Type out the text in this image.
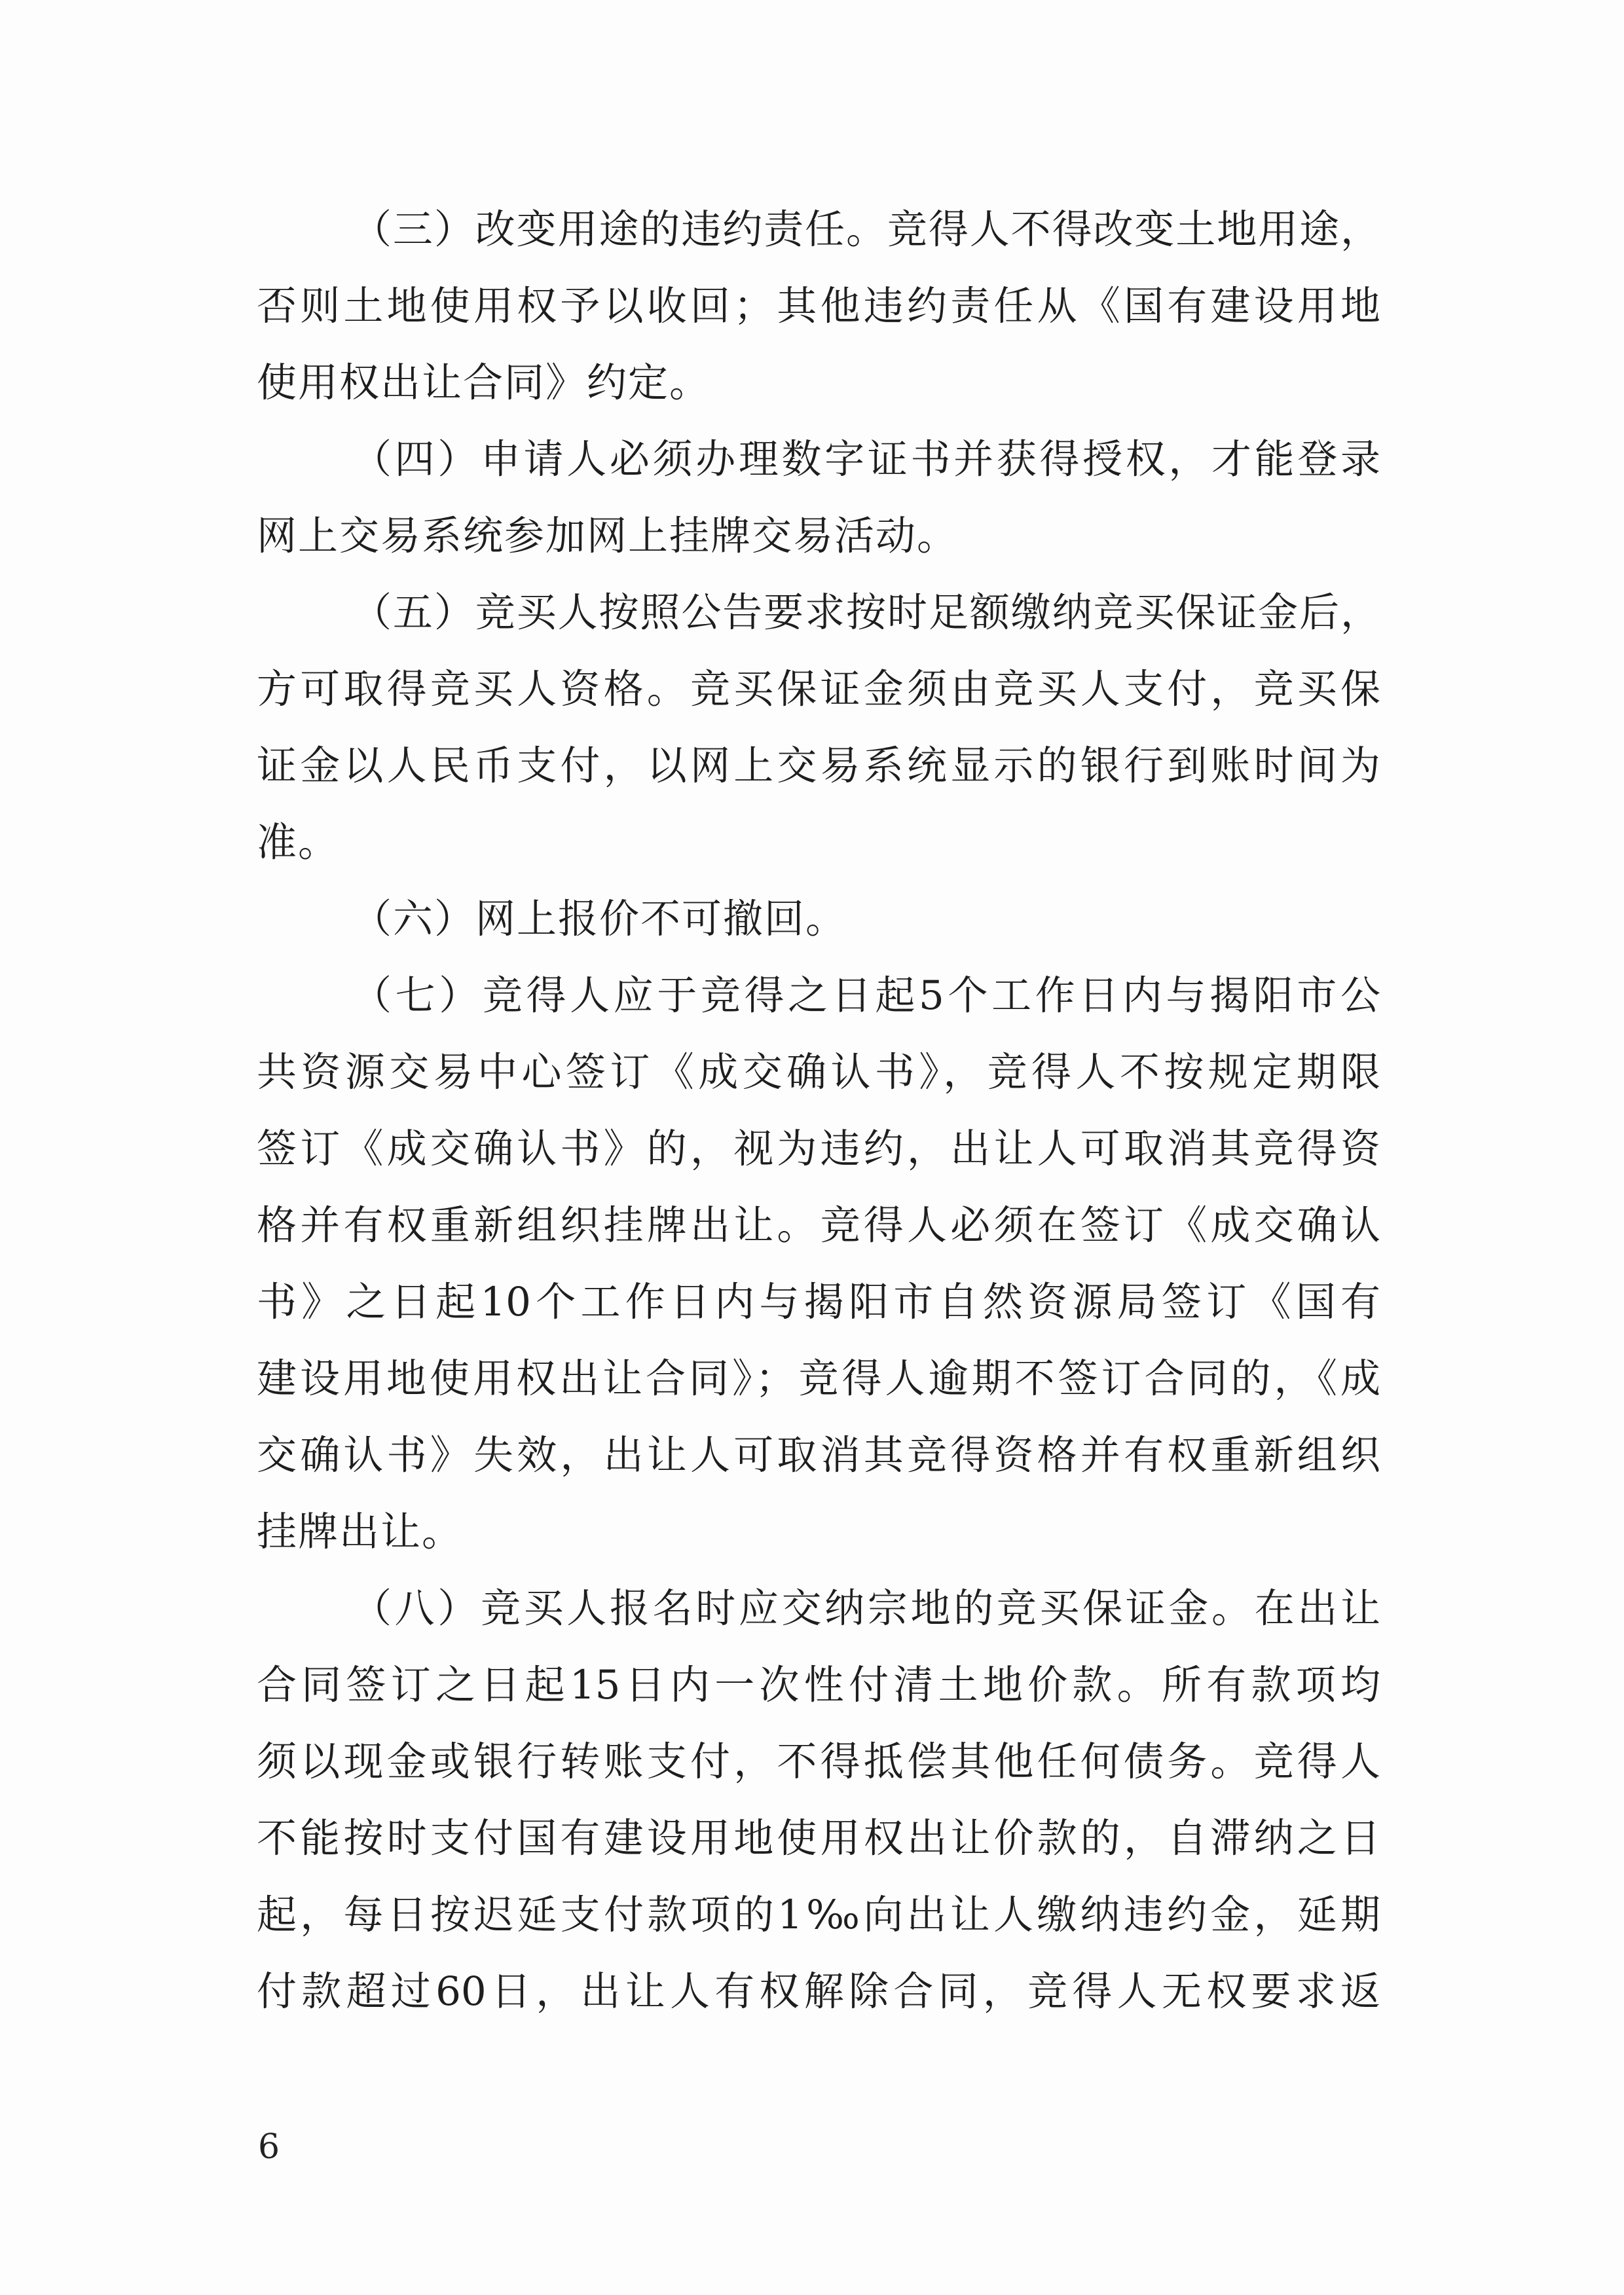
（三）改变用途的违约责任。竞得人不得改变土地用途，
否则土地使用权予以收回；其他违约责任从《国有建设用地
使用权出让合同》约定。
（四）申请人必须办理数字证书并获得授权，才能登录
网上交易系统参加网上挂牌交易活动。
（五）竞买人按照公告要求按时足额缴纳竞买保证金后，
方可取得竞买人资格。竞买保证金须由竞买人支付，竞买保
证金以人民币支付，以网上交易系统显示的银行到账时间为
准。
（六）网上报价不可撤回。
（七）竞得人应于竞得之日起5个工作日内与揭阳市公
共资源交易中心签订《成交确认书》，竞得人不按规定期限
签订《成交确认书》的，视为违约，出让人可取消其竞得资
格并有权重新组织挂牌出让。竞得人必须在签订《成交确认
书》之日起10个工作日内与揭阳市自然资源局签订《国有
建设用地使用权出让合同》；竞得人逾期不签订合同的，《成
交确认书》失效，出让人可取消其竞得资格并有权重新组织
挂牌出让。
（八）竞买人报名时应交纳宗地的竞买保证金。在出让
合同签订之日起15日内一次性付清土地价款。所有款项均
须以现金或银行转账支付，不得抵偿其他任何债务。竞得人
不能按时支付国有建设用地使用权出让价款的，自滞纳之日
起，每日按迟延支付款项的1‰向出让人缴纳违约金，延期
付款超过60日，出让人有权解除合同，竞得人无权要求返
6
